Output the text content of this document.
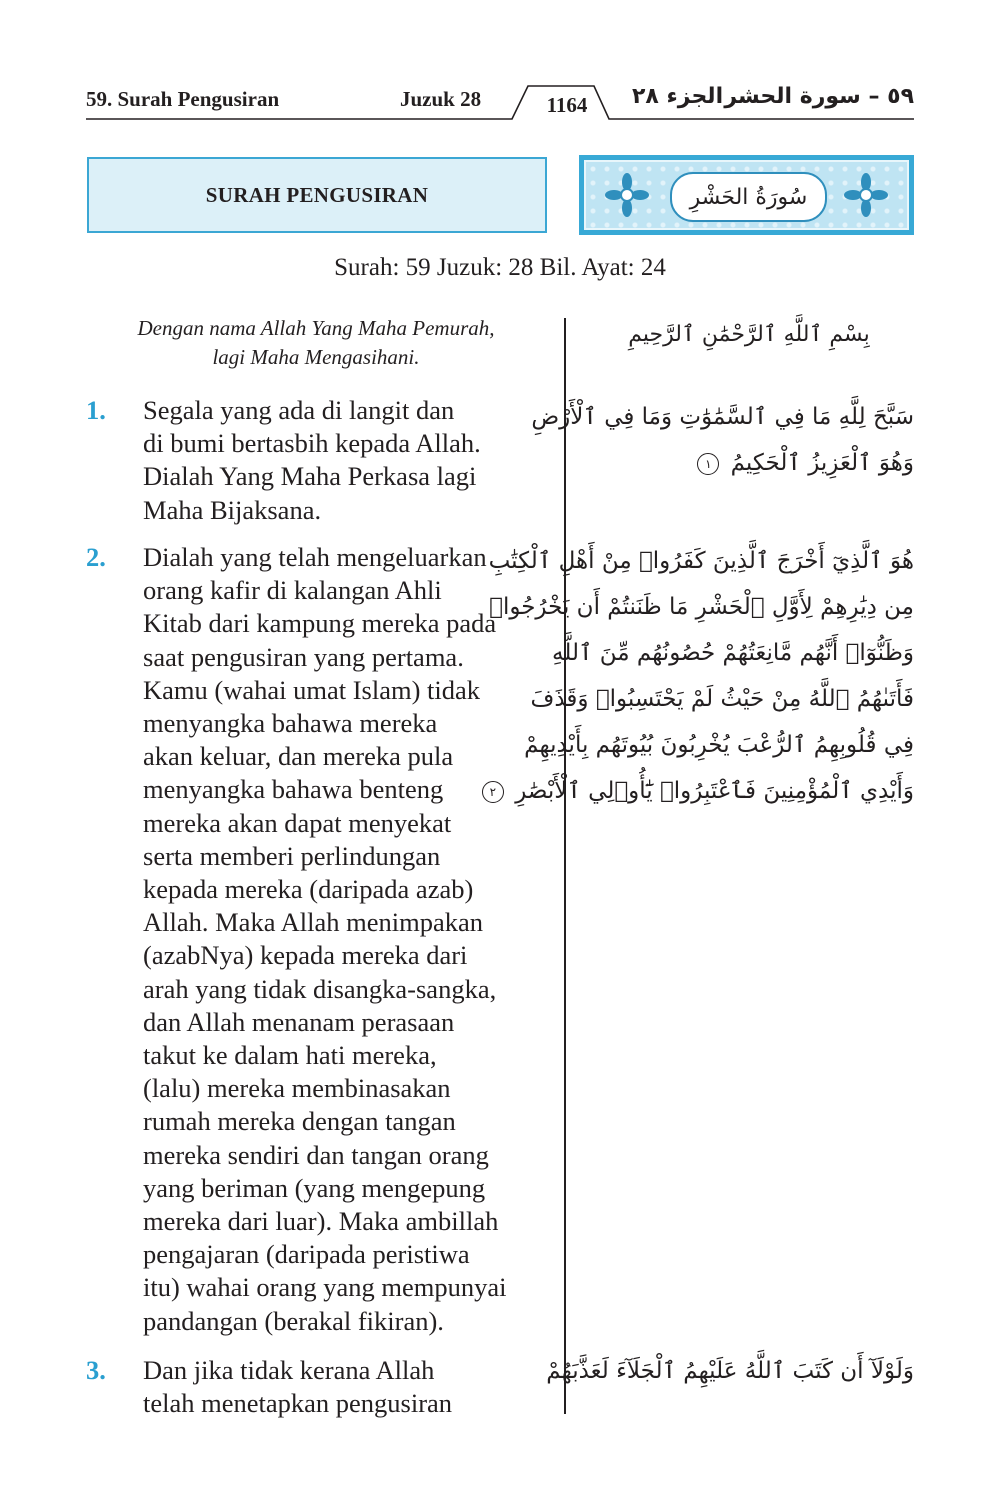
59. Surah Pengusiran	Juzuk 28	1164	الجزء ٢٨ ٥٩ – سورة الحشر
SURAH PENGUSIRAN	سُورَةُ الحَشْرِ
Surah: 59 Juzuk: 28 Bil. Ayat: 24
Dengan nama Allah Yang Maha Pemurah,
lagi Maha Mengasihani.
بِسْمِ ٱللَّهِ ٱلرَّحْمَٰنِ ٱلرَّحِيمِ
1. Segala yang ada di langit dan
di bumi bertasbih kepada Allah.
Dialah Yang Maha Perkasa lagi
Maha Bijaksana.
سَبَّحَ لِلَّهِ مَا فِي ٱلسَّمَٰوَٰتِ وَمَا فِي ٱلْأَرْضِ
وَهُوَ ٱلْعَزِيزُ ٱلْحَكِيمُ ١
2. Dialah yang telah mengeluarkan
orang kafir di kalangan Ahli
Kitab dari kampung mereka pada
saat pengusiran yang pertama.
Kamu (wahai umat Islam) tidak
menyangka bahawa mereka
akan keluar, dan mereka pula
menyangka bahawa benteng
mereka akan dapat menyekat
serta memberi perlindungan
kepada mereka (daripada azab)
Allah. Maka Allah menimpakan
(azabNya) kepada mereka dari
arah yang tidak disangka-sangka,
dan Allah menanam perasaan
takut ke dalam hati mereka,
(lalu) mereka membinasakan
rumah mereka dengan tangan
mereka sendiri dan tangan orang
yang beriman (yang mengepung
mereka dari luar). Maka ambillah
pengajaran (daripada peristiwa
itu) wahai orang yang mempunyai
pandangan (berakal fikiran).
هُوَ ٱلَّذِيٓ أَخْرَجَ ٱلَّذِينَ كَفَرُوا۟ مِنْ أَهْلِ ٱلْكِتَٰبِ
مِن دِيَٰرِهِمْ لِأَوَّلِ ٱلْحَشْرِ مَا ظَنَنتُمْ أَن يَخْرُجُوا۟
وَظَنُّوٓا۟ أَنَّهُم مَّانِعَتُهُمْ حُصُونُهُم مِّنَ ٱللَّهِ
فَأَتَىٰهُمُ ٱللَّهُ مِنْ حَيْثُ لَمْ يَحْتَسِبُوا۟ وَقَذَفَ
فِي قُلُوبِهِمُ ٱلرُّعْبَ يُخْرِبُونَ بُيُوتَهُم بِأَيْدِيهِمْ
وَأَيْدِي ٱلْمُؤْمِنِينَ فَٱعْتَبِرُوا۟ يَٰٓأُو۟لِي ٱلْأَبْصَٰرِ ٢
3. Dan jika tidak kerana Allah
telah menetapkan pengusiran
وَلَوْلَآ أَن كَتَبَ ٱللَّهُ عَلَيْهِمُ ٱلْجَلَآءَ لَعَذَّبَهُمْ
